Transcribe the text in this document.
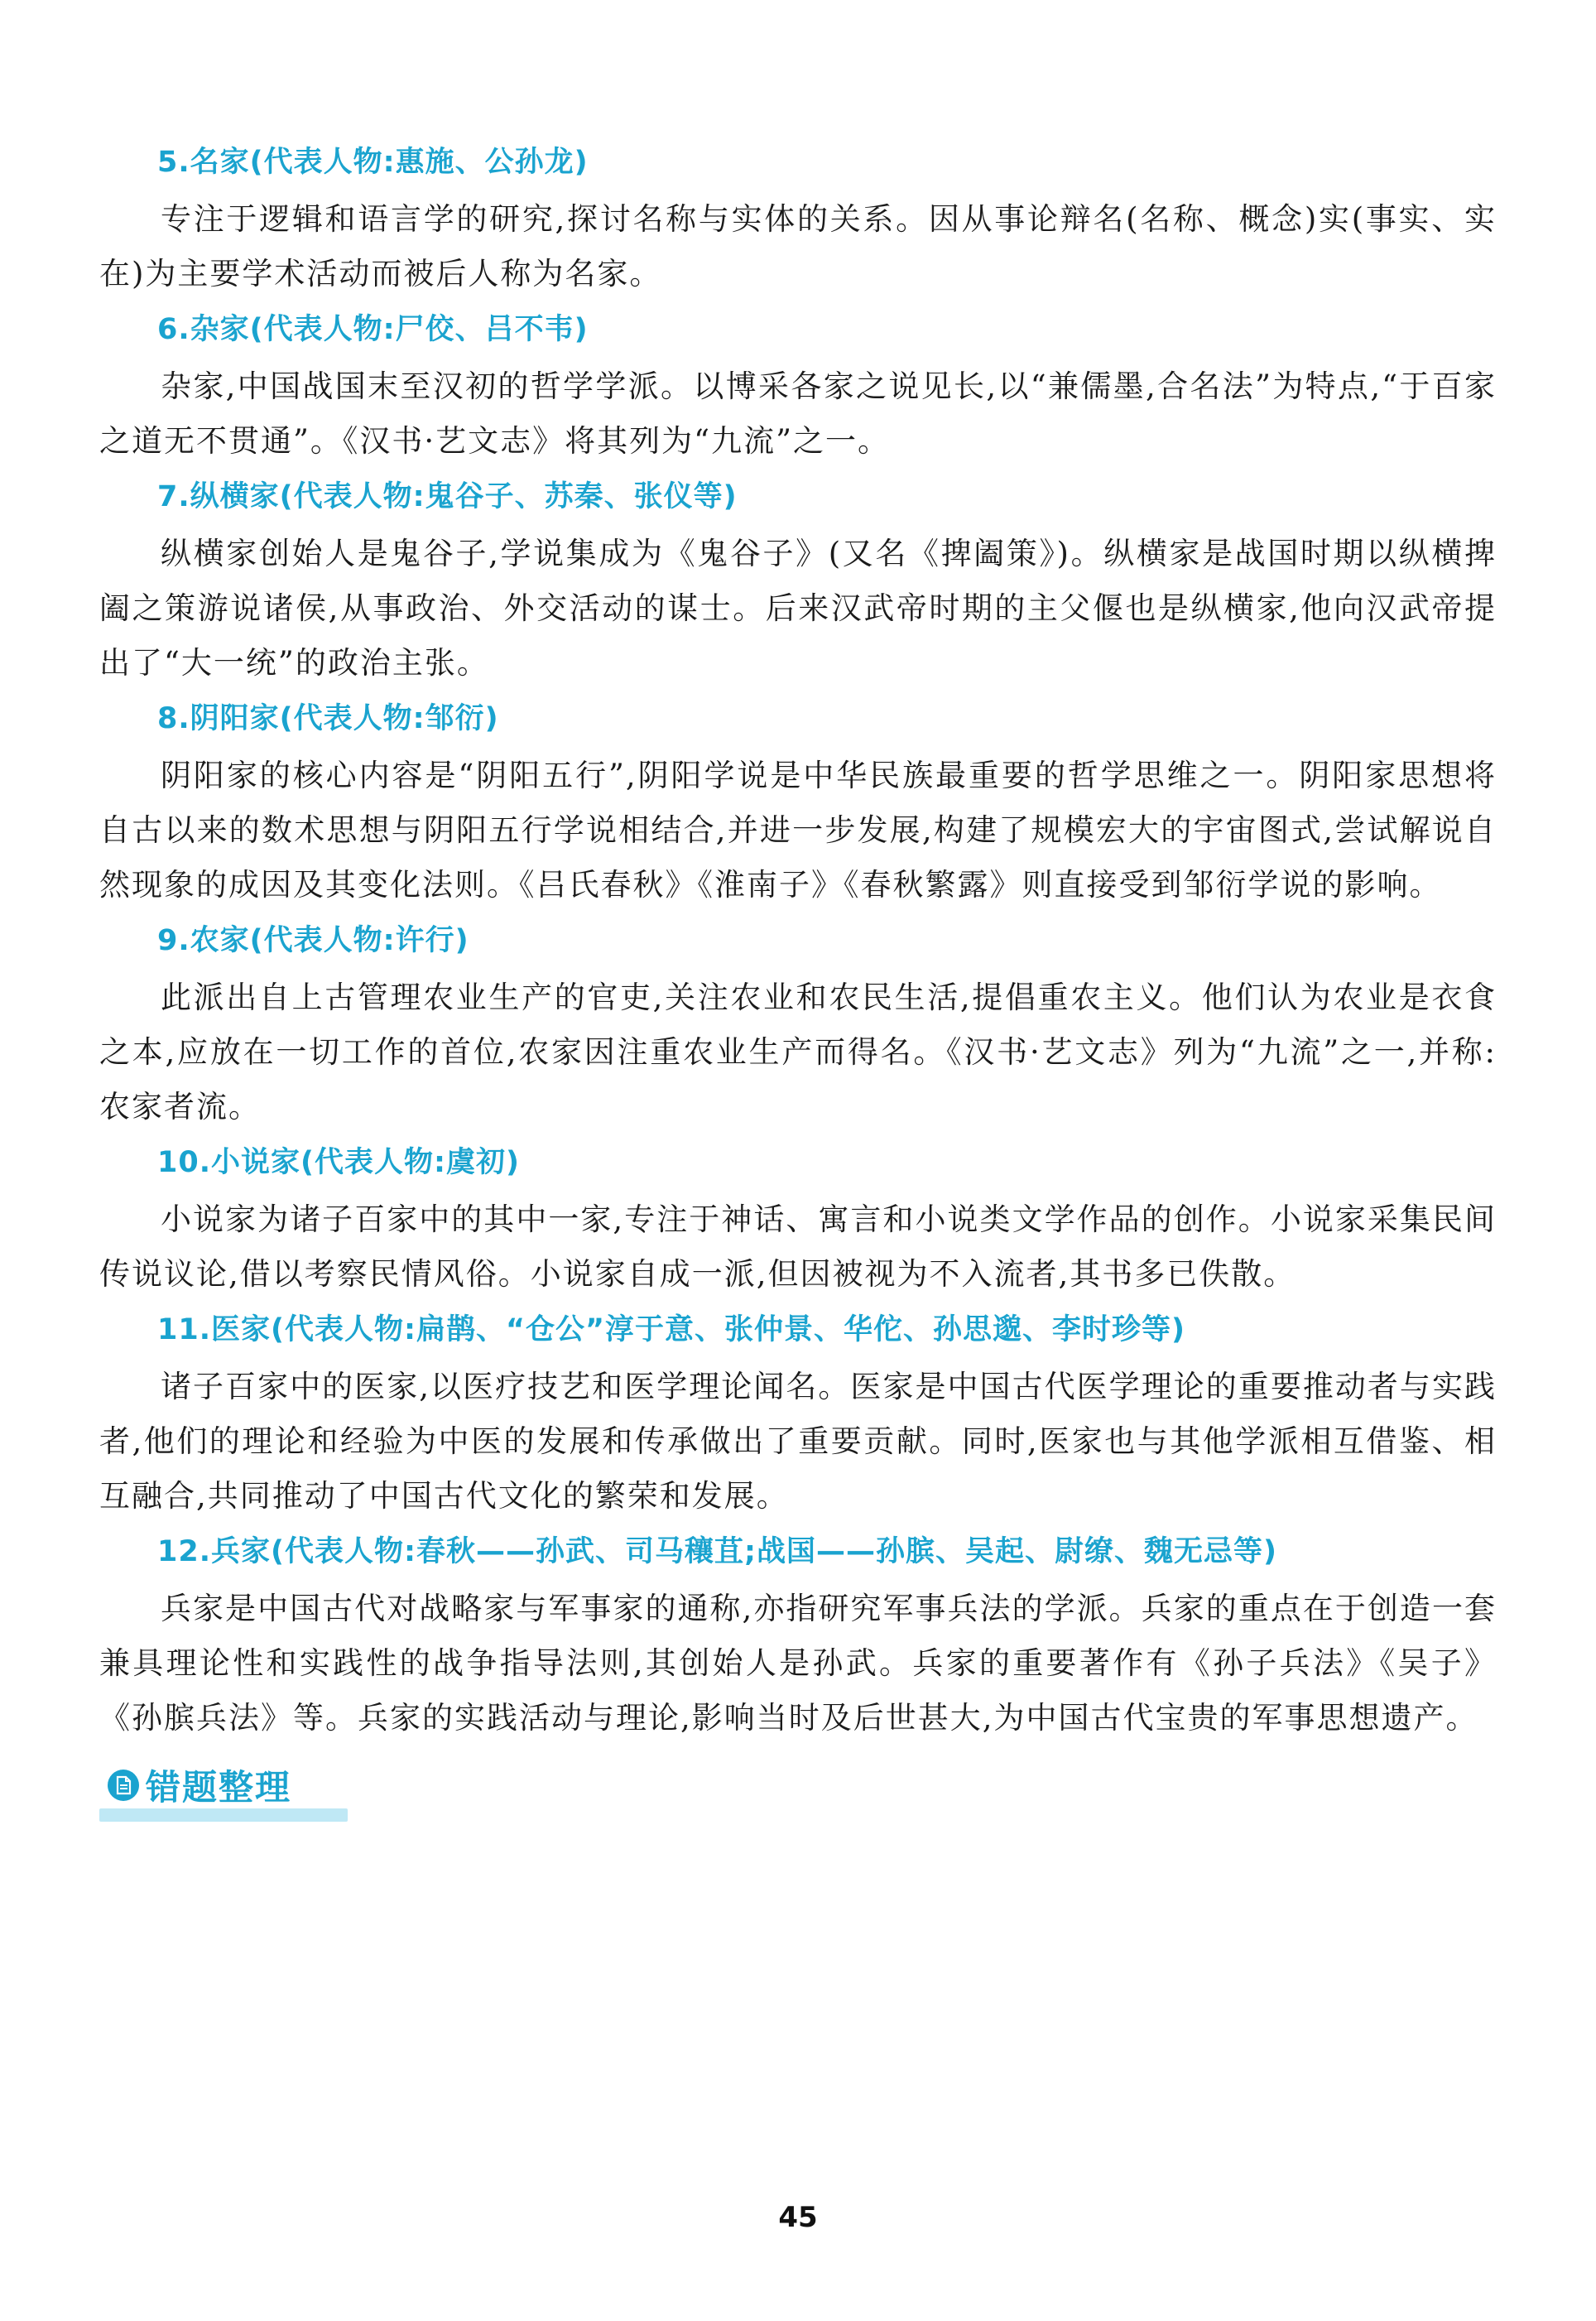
5.名家(代表人物:惠施、公孙龙)

专注于逻辑和语言学的研究,探讨名称与实体的关系。因从事论辩名(名称、概念)实(事实、实在)为主要学术活动而被后人称为名家。

6.杂家(代表人物:尸佼、吕不韦)

杂家,中国战国末至汉初的哲学学派。以博采各家之说见长,以“兼儒墨,合名法”为特点,“于百家之道无不贯通”。《汉书·艺文志》将其列为“九流”之一。

7.纵横家(代表人物:鬼谷子、苏秦、张仪等)

纵横家创始人是鬼谷子,学说集成为《鬼谷子》(又名《捭阖策》)。纵横家是战国时期以纵横捭阖之策游说诸侯,从事政治、外交活动的谋士。后来汉武帝时期的主父偃也是纵横家,他向汉武帝提出了“大一统”的政治主张。

8.阴阳家(代表人物:邹衍)

阴阳家的核心内容是“阴阳五行”,阴阳学说是中华民族最重要的哲学思维之一。阴阳家思想将自古以来的数术思想与阴阳五行学说相结合,并进一步发展,构建了规模宏大的宇宙图式,尝试解说自然现象的成因及其变化法则。《吕氏春秋》《淮南子》《春秋繁露》则直接受到邹衍学说的影响。

9.农家(代表人物:许行)

此派出自上古管理农业生产的官吏,关注农业和农民生活,提倡重农主义。他们认为农业是衣食之本,应放在一切工作的首位,农家因注重农业生产而得名。《汉书·艺文志》列为“九流”之一,并称:农家者流。

10.小说家(代表人物:虞初)

小说家为诸子百家中的其中一家,专注于神话、寓言和小说类文学作品的创作。小说家采集民间传说议论,借以考察民情风俗。小说家自成一派,但因被视为不入流者,其书多已佚散。

11.医家(代表人物:扁鹊、“仓公”淳于意、张仲景、华佗、孙思邈、李时珍等)

诸子百家中的医家,以医疗技艺和医学理论闻名。医家是中国古代医学理论的重要推动者与实践者,他们的理论和经验为中医的发展和传承做出了重要贡献。同时,医家也与其他学派相互借鉴、相互融合,共同推动了中国古代文化的繁荣和发展。

12.兵家(代表人物:春秋——孙武、司马穰苴;战国——孙膑、吴起、尉缭、魏无忌等)

兵家是中国古代对战略家与军事家的通称,亦指研究军事兵法的学派。兵家的重点在于创造一套兼具理论性和实践性的战争指导法则,其创始人是孙武。兵家的重要著作有《孙子兵法》《吴子》《孙膑兵法》等。兵家的实践活动与理论,影响当时及后世甚大,为中国古代宝贵的军事思想遗产。

错题整理
45
